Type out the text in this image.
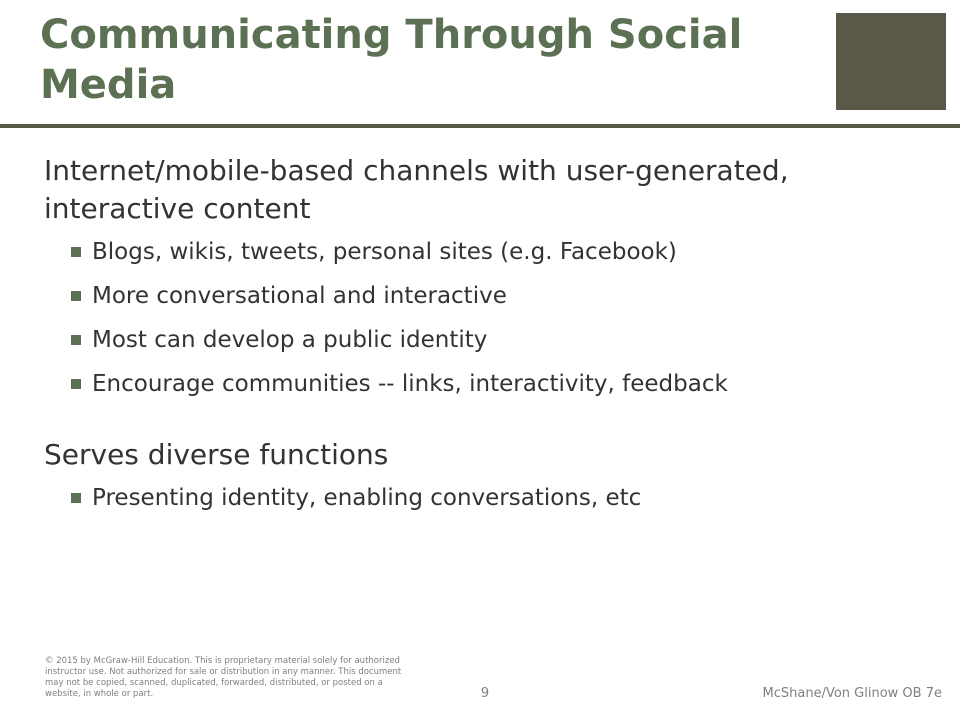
Communicating Through Social Media

Internet/mobile-based channels with user-generated, interactive content

Blogs, wikis, tweets, personal sites (e.g. Facebook)
More conversational and interactive
Most can develop a public identity
Encourage communities -- links, interactivity, feedback

Serves diverse functions

Presenting identity, enabling conversations, etc
© 2015 by McGraw-Hill Education. This is proprietary material solely for authorized instructor use. Not authorized for sale or distribution in any manner. This document may not be copied, scanned, duplicated, forwarded, distributed, or posted on a website, in whole or part.	9	McShane/Von Glinow OB 7e
